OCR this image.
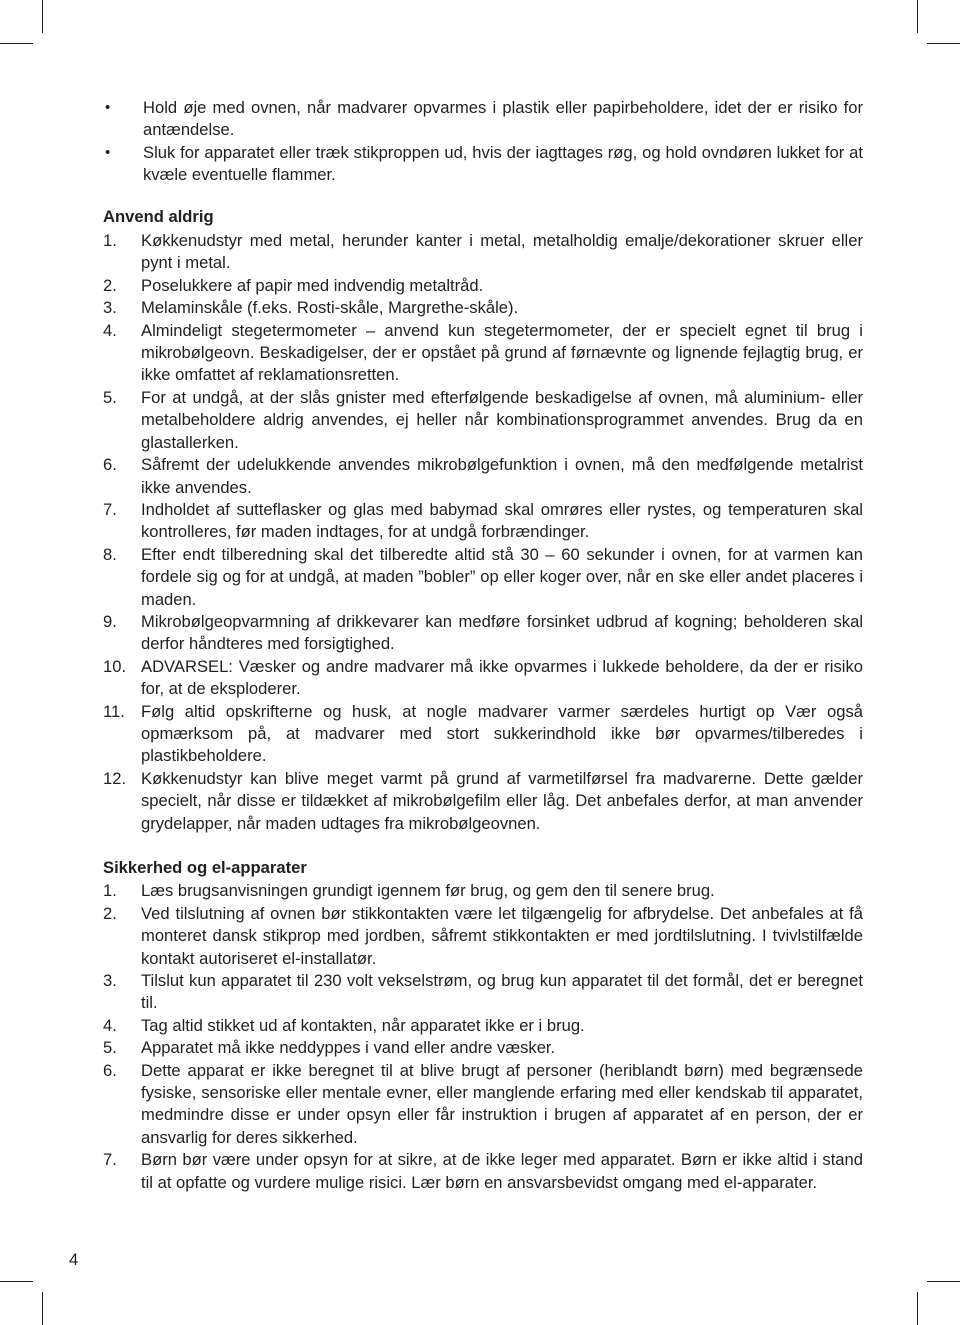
•	Hold øje med ovnen, når madvarer opvarmes i plastik eller papirbeholdere, idet der er risiko for antændelse.
•	Sluk for apparatet eller træk stikproppen ud, hvis der iagttages røg, og hold ovndøren lukket for at kvæle eventuelle flammer.
Anvend aldrig
1.	Køkkenudstyr med metal, herunder kanter i metal, metalholdig emalje/dekorationer skruer eller pynt i metal.
2.	Poselukkere af papir med indvendig metaltråd.
3.	Melaminskåle (f.eks. Rosti-skåle, Margrethe-skåle).
4.	Almindeligt stegetermometer – anvend kun stegetermometer, der er specielt egnet til brug i mikrobølgeovn. Beskadigelser, der er opstået på grund af førnævnte og lignende fejlagtig brug, er ikke omfattet af reklamationsretten.
5.	For at undgå, at der slås gnister med efterfølgende beskadigelse af ovnen, må aluminium- eller metalbeholdere aldrig anvendes, ej heller når kombinationsprogrammet anvendes. Brug da en glastallerken.
6.	Såfremt der udelukkende anvendes mikrobølgefunktion i ovnen, må den medfølgende metalrist ikke anvendes.
7.	Indholdet af sutteflasker og glas med babymad skal omrøres eller rystes, og temperaturen skal kontrolleres, før maden indtages, for at undgå forbrændinger.
8.	Efter endt tilberedning skal det tilberedte altid stå 30 – 60 sekunder i ovnen, for at varmen kan fordele sig og for at undgå, at maden ”bobler” op eller koger over, når en ske eller andet placeres i maden.
9.	Mikrobølgeopvarmning af drikkevarer kan medføre forsinket udbrud af kogning; beholderen skal derfor håndteres med forsigtighed.
10. ADVARSEL: Væsker og andre madvarer må ikke opvarmes i lukkede beholdere, da der er risiko for, at de eksploderer.
11. Følg altid opskrifterne og husk, at nogle madvarer varmer særdeles hurtigt op Vær også opmærksom på, at madvarer med stort sukkerindhold ikke bør opvarmes/tilberedes i plastikbeholdere.
12. Køkkenudstyr kan blive meget varmt på grund af varmetilførsel fra madvarerne. Dette gælder specielt, når disse er tildækket af mikrobølgefilm eller låg. Det anbefales derfor, at man anvender grydelapper, når maden udtages fra mikrobølgeovnen.
Sikkerhed og el-apparater
1.	Læs brugsanvisningen grundigt igennem før brug, og gem den til senere brug.
2.	Ved tilslutning af ovnen bør stikkontakten være let tilgængelig for afbrydelse. Det anbefales at få monteret dansk stikprop med jordben, såfremt stikkontakten er med jordtilslutning. I tvivlstilfælde kontakt autoriseret el-installatør.
3.	Tilslut kun apparatet til 230 volt vekselstrøm, og brug kun apparatet til det formål, det er beregnet til.
4.	Tag altid stikket ud af kontakten, når apparatet ikke er i brug.
5.	Apparatet må ikke neddyppes i vand eller andre væsker.
6.	Dette apparat er ikke beregnet til at blive brugt af personer (heriblandt børn) med begrænsede fysiske, sensoriske eller mentale evner, eller manglende erfaring med eller kendskab til apparatet, medmindre disse er under opsyn eller får instruktion i brugen af apparatet af en person, der er ansvarlig for deres sikkerhed.
7.	Børn bør være under opsyn for at sikre, at de ikke leger med apparatet. Børn er ikke altid i stand til at opfatte og vurdere mulige risici. Lær børn en ansvarsbevidst omgang med el-apparater.
4
